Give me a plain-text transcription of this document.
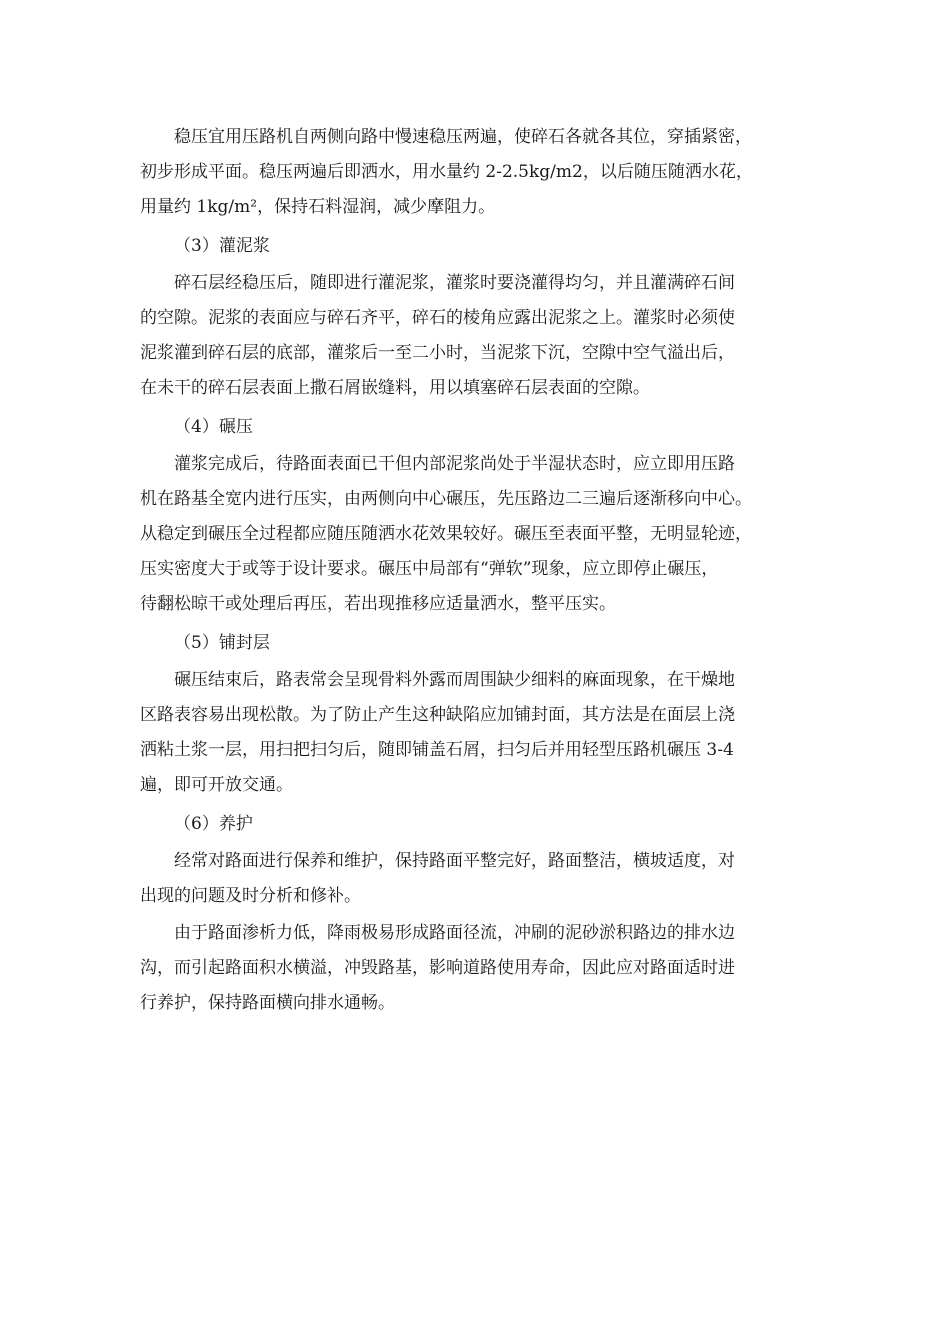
稳压宜用压路机自两侧向路中慢速稳压两遍，使碎石各就各其位，穿插紧密，
初步形成平面。稳压两遍后即洒水，用水量约 2-2.5kg/m2，以后随压随洒水花，
用量约 1kg/m²，保持石料湿润，减少摩阻力。

（3）灌泥浆

碎石层经稳压后，随即进行灌泥浆，灌浆时要浇灌得均匀，并且灌满碎石间
的空隙。泥浆的表面应与碎石齐平，碎石的棱角应露出泥浆之上。灌浆时必须使
泥浆灌到碎石层的底部，灌浆后一至二小时，当泥浆下沉，空隙中空气溢出后，
在未干的碎石层表面上撒石屑嵌缝料，用以填塞碎石层表面的空隙。

（4）碾压

灌浆完成后，待路面表面已干但内部泥浆尚处于半湿状态时，应立即用压路
机在路基全宽内进行压实，由两侧向中心碾压，先压路边二三遍后逐渐移向中心。
从稳定到碾压全过程都应随压随洒水花效果较好。碾压至表面平整，无明显轮迹，
压实密度大于或等于设计要求。碾压中局部有“弹软”现象，应立即停止碾压，
待翻松晾干或处理后再压，若出现推移应适量洒水，整平压实。

（5）铺封层

碾压结束后，路表常会呈现骨料外露而周围缺少细料的麻面现象，在干燥地
区路表容易出现松散。为了防止产生这种缺陷应加铺封面，其方法是在面层上浇
洒粘土浆一层，用扫把扫匀后，随即铺盖石屑，扫匀后并用轻型压路机碾压 3-4
遍，即可开放交通。

（6）养护

经常对路面进行保养和维护，保持路面平整完好，路面整洁，横坡适度，对
出现的问题及时分析和修补。

由于路面渗析力低，降雨极易形成路面径流，冲刷的泥砂淤积路边的排水边
沟，而引起路面积水横溢，冲毁路基，影响道路使用寿命，因此应对路面适时进
行养护，保持路面横向排水通畅。
